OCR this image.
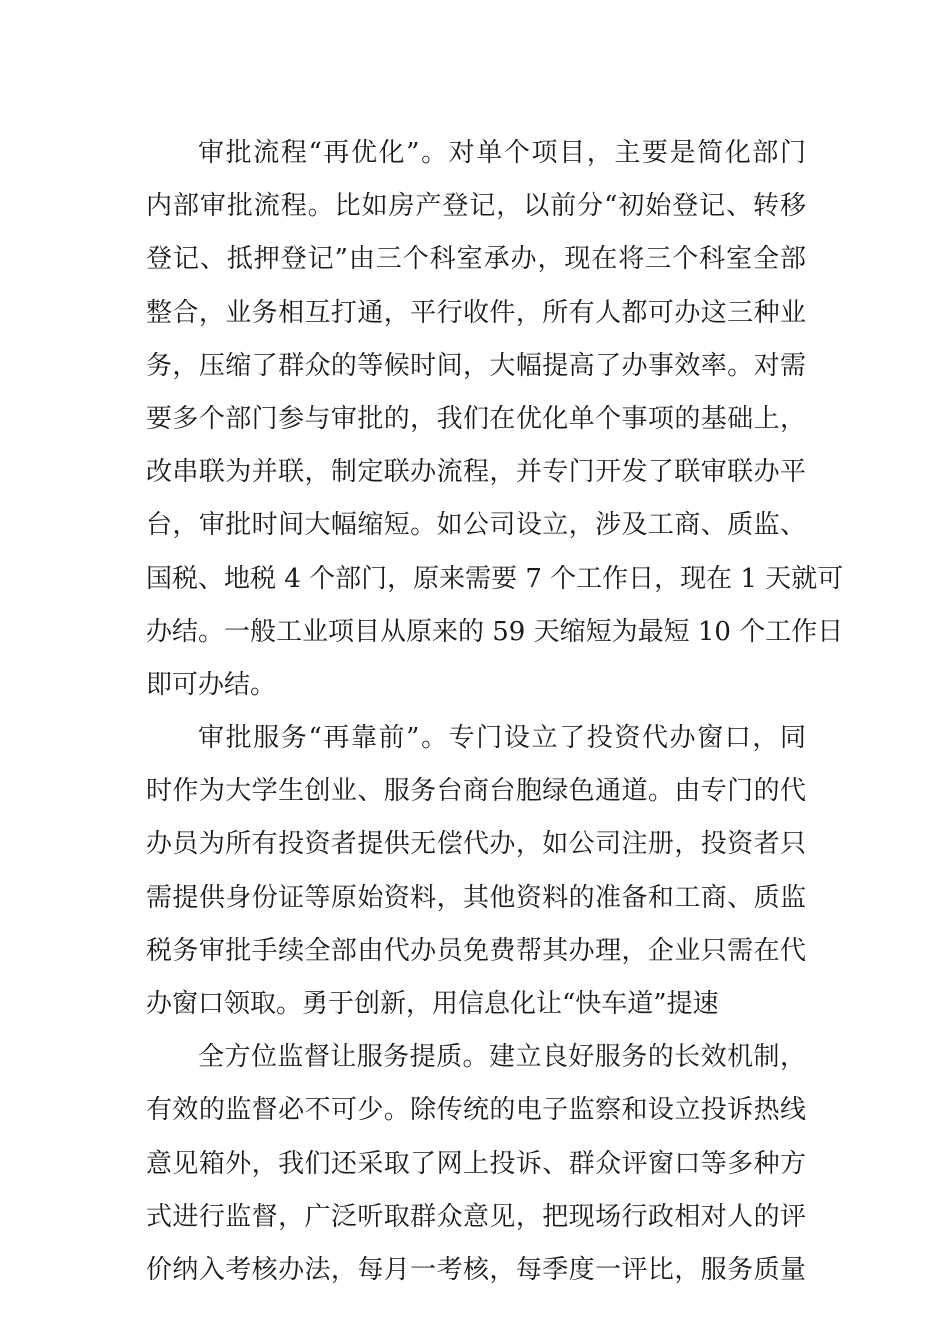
审批流程“再优化”。对单个项目，主要是简化部门
内部审批流程。比如房产登记，以前分“初始登记、转移
登记、抵押登记”由三个科室承办，现在将三个科室全部
整合，业务相互打通，平行收件，所有人都可办这三种业
务，压缩了群众的等候时间，大幅提高了办事效率。对需
要多个部门参与审批的，我们在优化单个事项的基础上，
改串联为并联，制定联办流程，并专门开发了联审联办平
台，审批时间大幅缩短。如公司设立，涉及工商、质监、
国税、地税 4 个部门，原来需要 7 个工作日，现在 1 天就可
办结。一般工业项目从原来的 59 天缩短为最短 10 个工作日
即可办结。
审批服务“再靠前”。专门设立了投资代办窗口，同
时作为大学生创业、服务台商台胞绿色通道。由专门的代
办员为所有投资者提供无偿代办，如公司注册，投资者只
需提供身份证等原始资料，其他资料的准备和工商、质监
税务审批手续全部由代办员免费帮其办理，企业只需在代
办窗口领取。勇于创新，用信息化让“快车道”提速
全方位监督让服务提质。建立良好服务的长效机制，
有效的监督必不可少。除传统的电子监察和设立投诉热线
意见箱外，我们还采取了网上投诉、群众评窗口等多种方
式进行监督，广泛听取群众意见，把现场行政相对人的评
价纳入考核办法，每月一考核，每季度一评比，服务质量
